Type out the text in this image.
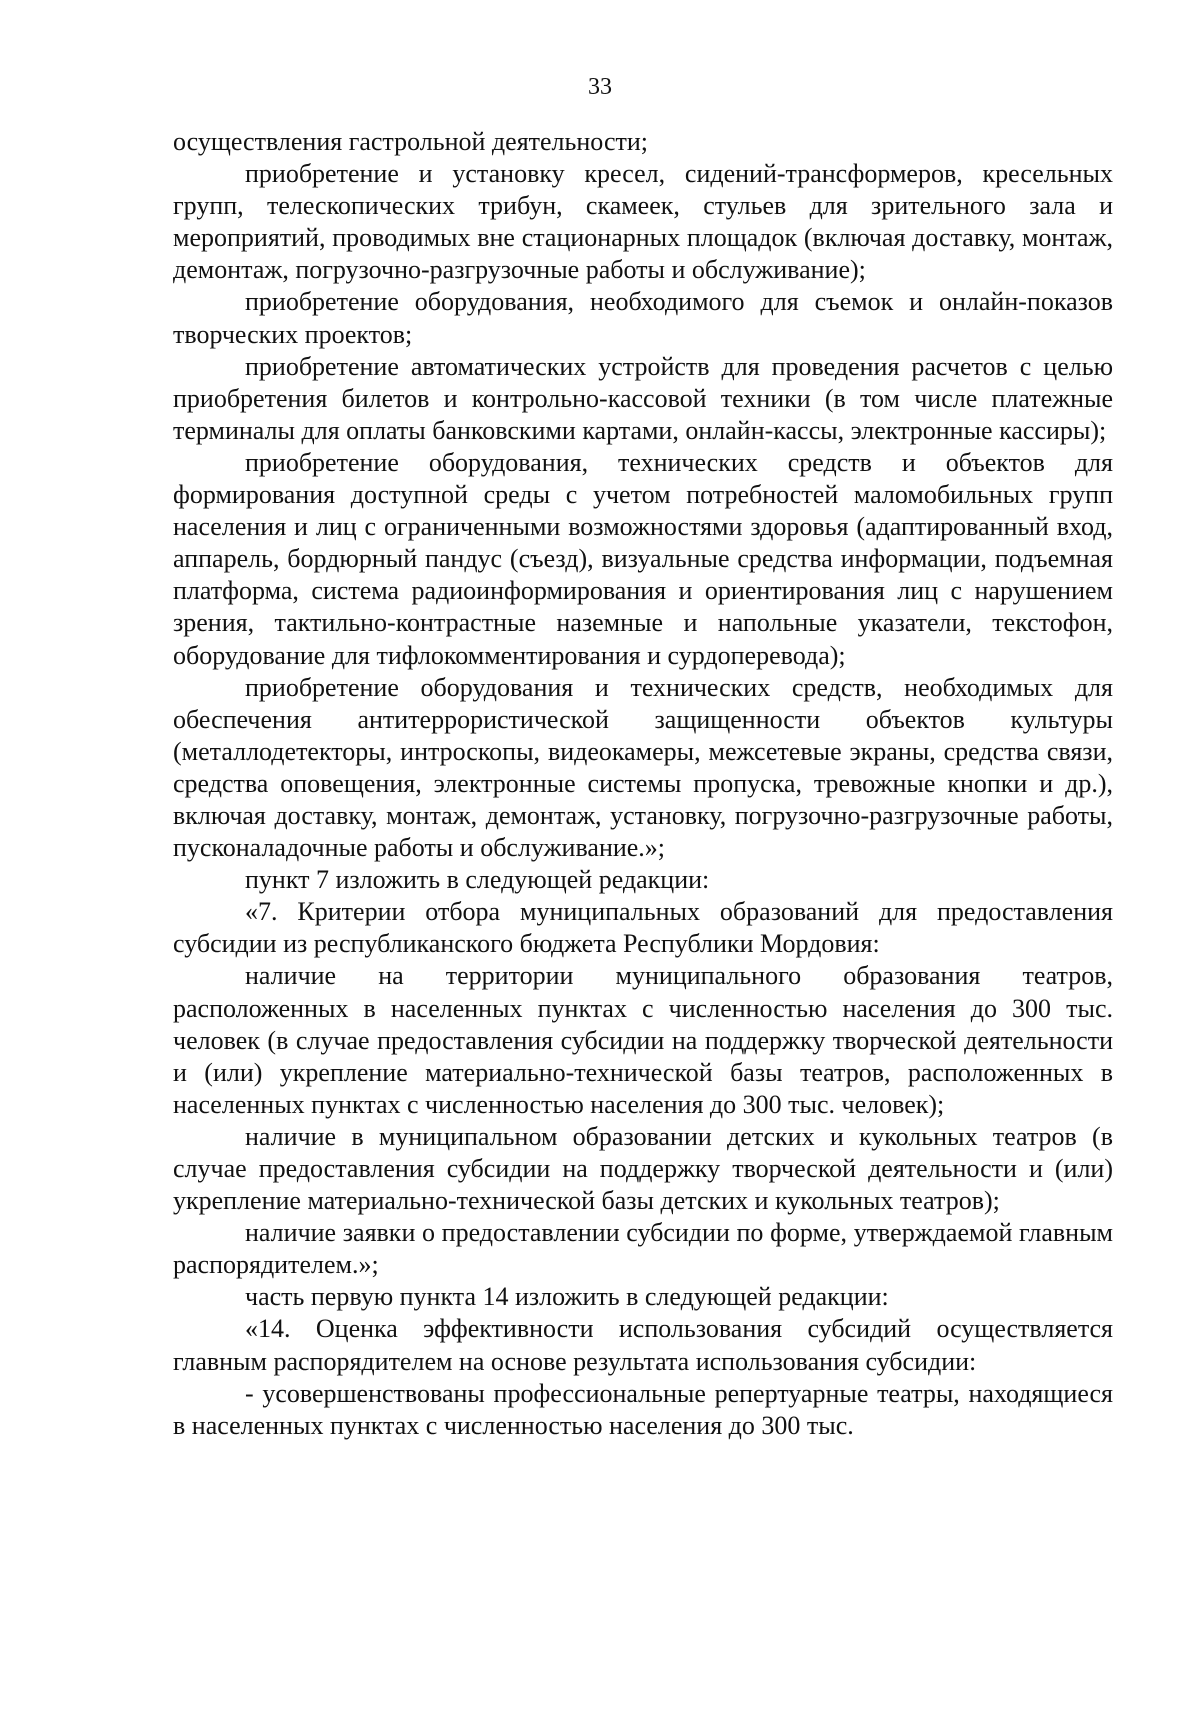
33

осуществления гастрольной деятельности;

приобретение и установку кресел, сидений-трансформеров, кресельных групп, телескопических трибун, скамеек, стульев для зрительного зала и мероприятий, проводимых вне стационарных площадок (включая доставку, монтаж, демонтаж, погрузочно-разгрузочные работы и обслуживание);

приобретение оборудования, необходимого для съемок и онлайн-показов творческих проектов;

приобретение автоматических устройств для проведения расчетов с целью приобретения билетов и контрольно-кассовой техники (в том числе платежные терминалы для оплаты банковскими картами, онлайн-кассы, электронные кассиры);

приобретение оборудования, технических средств и объектов для формирования доступной среды с учетом потребностей маломобильных групп населения и лиц с ограниченными возможностями здоровья (адаптированный вход, аппарель, бордюрный пандус (съезд), визуальные средства информации, подъемная платформа, система радиоинформирования и ориентирования лиц с нарушением зрения, тактильно-контрастные наземные и напольные указатели, текстофон, оборудование для тифлокомментирования и сурдоперевода);

приобретение оборудования и технических средств, необходимых для обеспечения антитеррористической защищенности объектов культуры (металлодетекторы, интроскопы, видеокамеры, межсетевые экраны, средства связи, средства оповещения, электронные системы пропуска, тревожные кнопки и др.), включая доставку, монтаж, демонтаж, установку, погрузочно-разгрузочные работы, пусконаладочные работы и обслуживание.»;

пункт 7 изложить в следующей редакции:

«7. Критерии отбора муниципальных образований для предоставления субсидии из республиканского бюджета Республики Мордовия:

наличие на территории муниципального образования театров, расположенных в населенных пунктах с численностью населения до 300 тыс. человек (в случае предоставления субсидии на поддержку творческой деятельности и (или) укрепление материально-технической базы театров, расположенных в населенных пунктах с численностью населения до 300 тыс. человек);

наличие в муниципальном образовании детских и кукольных театров (в случае предоставления субсидии на поддержку творческой деятельности и (или) укрепление материально-технической базы детских и кукольных театров);

наличие заявки о предоставлении субсидии по форме, утверждаемой главным распорядителем.»;

часть первую пункта 14 изложить в следующей редакции:

«14. Оценка эффективности использования субсидий осуществляется главным распорядителем на основе результата использования субсидии:

- усовершенствованы профессиональные репертуарные театры, находящиеся в населенных пунктах с численностью населения до 300 тыс.
